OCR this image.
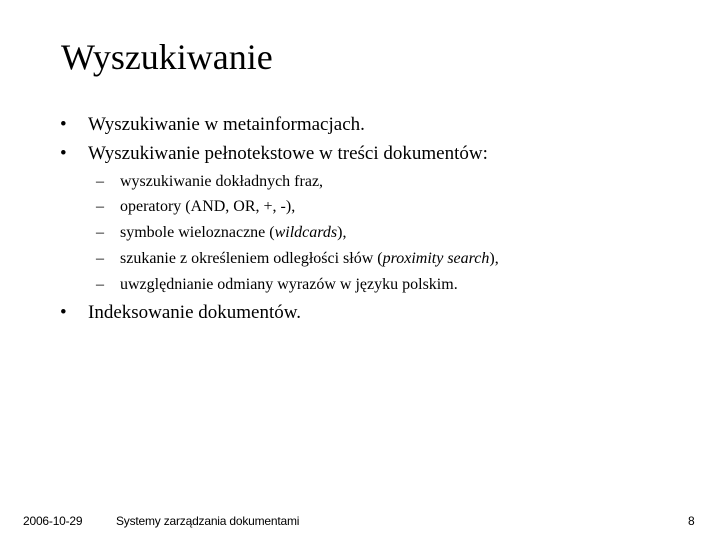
Wyszukiwanie
• Wyszukiwanie w metainformacjach.
• Wyszukiwanie pełnotekstowe w treści dokumentów:
– wyszukiwanie dokładnych fraz,
– operatory (AND, OR, +, -),
– symbole wieloznaczne (wildcards),
– szukanie z określeniem odległości słów (proximity search),
– uwzględnianie odmiany wyrazów w języku polskim.
• Indeksowanie dokumentów.
2006-10-29	Systemy zarządzania dokumentami	8
